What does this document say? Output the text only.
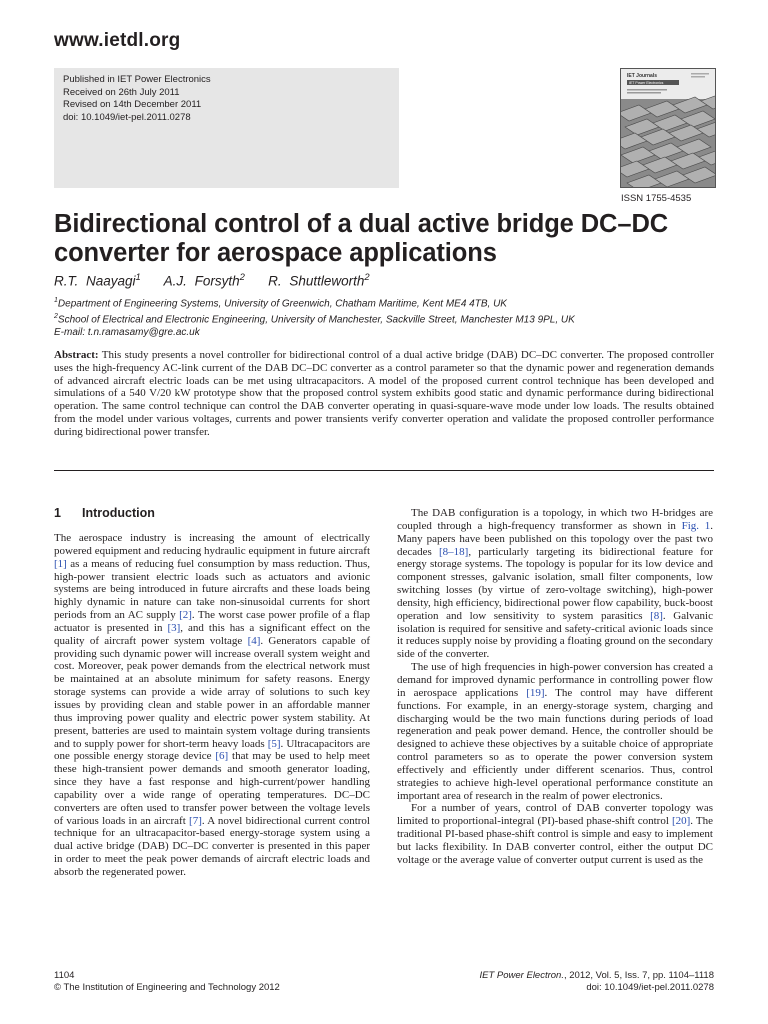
www.ietdl.org
Published in IET Power Electronics
Received on 26th July 2011
Revised on 14th December 2011
doi: 10.1049/iet-pel.2011.0278
IET Journals
IET Power Electronics
ISSN 1755-4535
Bidirectional control of a dual active bridge DC–DC converter for aerospace applications
R.T. Naayagi$^1$ A.J. Forsyth$^2$ R. Shuttleworth$^2$
$^1$Department of Engineering Systems, University of Greenwich, Chatham Maritime, Kent ME4 4TB, UK
$^2$School of Electrical and Electronic Engineering, University of Manchester, Sackville Street, Manchester M13 9PL, UK
E-mail: t.n.ramasamy@gre.ac.uk
Abstract: This study presents a novel controller for bidirectional control of a dual active bridge (DAB) DC–DC converter. The proposed controller uses the high-frequency AC-link current of the DAB DC–DC converter as a control parameter so that the dynamic power and regeneration demands of advanced aircraft electric loads can be met using ultracapacitors. A model of the proposed current control technique has been developed and simulations of a 540 V/20 kW prototype show that the proposed control system exhibits good static and dynamic performance during bidirectional operation. The same control technique can control the DAB converter operating in quasi-square-wave mode under low loads. The results obtained from the model under various voltages, currents and power transients verify converter operation and validate the proposed controller performance during bidirectional power transfer.
1 Introduction

The aerospace industry is increasing the amount of electrically powered equipment and reducing hydraulic equipment in future aircraft [1] as a means of reducing fuel consumption by mass reduction. Thus, high-power transient electric loads such as actuators and avionic systems are being introduced in future aircrafts and these loads being highly dynamic in nature can take non-sinusoidal currents for short periods from an AC supply [2]. The worst case power profile of a flap actuator is presented in [3], and this has a significant effect on the quality of aircraft power system voltage [4]. Generators capable of providing such dynamic power will increase overall system weight and cost. Moreover, peak power demands from the electrical network must be maintained at an absolute minimum for safety reasons. Energy storage systems can provide a wide array of solutions to such key issues by providing clean and stable power in an affordable manner thus improving power quality and electric power system stability. At present, batteries are used to maintain system voltage during transients and to supply power for short-term heavy loads [5]. Ultracapacitors are one possible energy storage device [6] that may be used to help meet these high-transient power demands and smooth generator loading, since they have a fast response and high-current/power handling capability over a wide range of operating temperatures. DC–DC converters are often used to transfer power between the voltage levels of various loads in an aircraft [7]. A novel bidirectional current control technique for an ultracapacitor-based energy-storage system using a dual active bridge (DAB) DC–DC converter is presented in this paper in order to meet the peak power demands of aircraft electric loads and absorb the regenerated power.

The DAB configuration is a topology, in which two H-bridges are coupled through a high-frequency transformer as shown in Fig. 1. Many papers have been published on this topology over the past two decades [8–18], particularly targeting its bidirectional feature for energy storage systems. The topology is popular for its low device and component stresses, galvanic isolation, small filter components, low switching losses (by virtue of zero-voltage switching), high-power density, high efficiency, bidirectional power flow capability, buck-boost operation and low sensitivity to system parasitics [8]. Galvanic isolation is required for sensitive and safety-critical avionic loads since it reduces supply noise by providing a floating ground on the secondary side of the converter.

The use of high frequencies in high-power conversion has created a demand for improved dynamic performance in controlling power flow in aerospace applications [19]. The control may have different functions. For example, in an energy-storage system, charging and discharging would be the two main functions during periods of load regeneration and peak power demand. Hence, the controller should be designed to achieve these objectives by a suitable choice of appropriate control parameters so as to operate the power conversion system effectively and efficiently under different scenarios. Thus, control strategies to achieve high-level operational performance constitute an important area of research in the realm of power electronics.

For a number of years, control of DAB converter topology was limited to proportional-integral (PI)-based phase-shift control [20]. The traditional PI-based phase-shift control is simple and easy to implement but lacks flexibility. In DAB converter control, either the output DC voltage or the average value of converter output current is used as the

1104
© The Institution of Engineering and Technology 2012
IET Power Electron., 2012, Vol. 5, Iss. 7, pp. 1104–1118
doi: 10.1049/iet-pel.2011.0278
